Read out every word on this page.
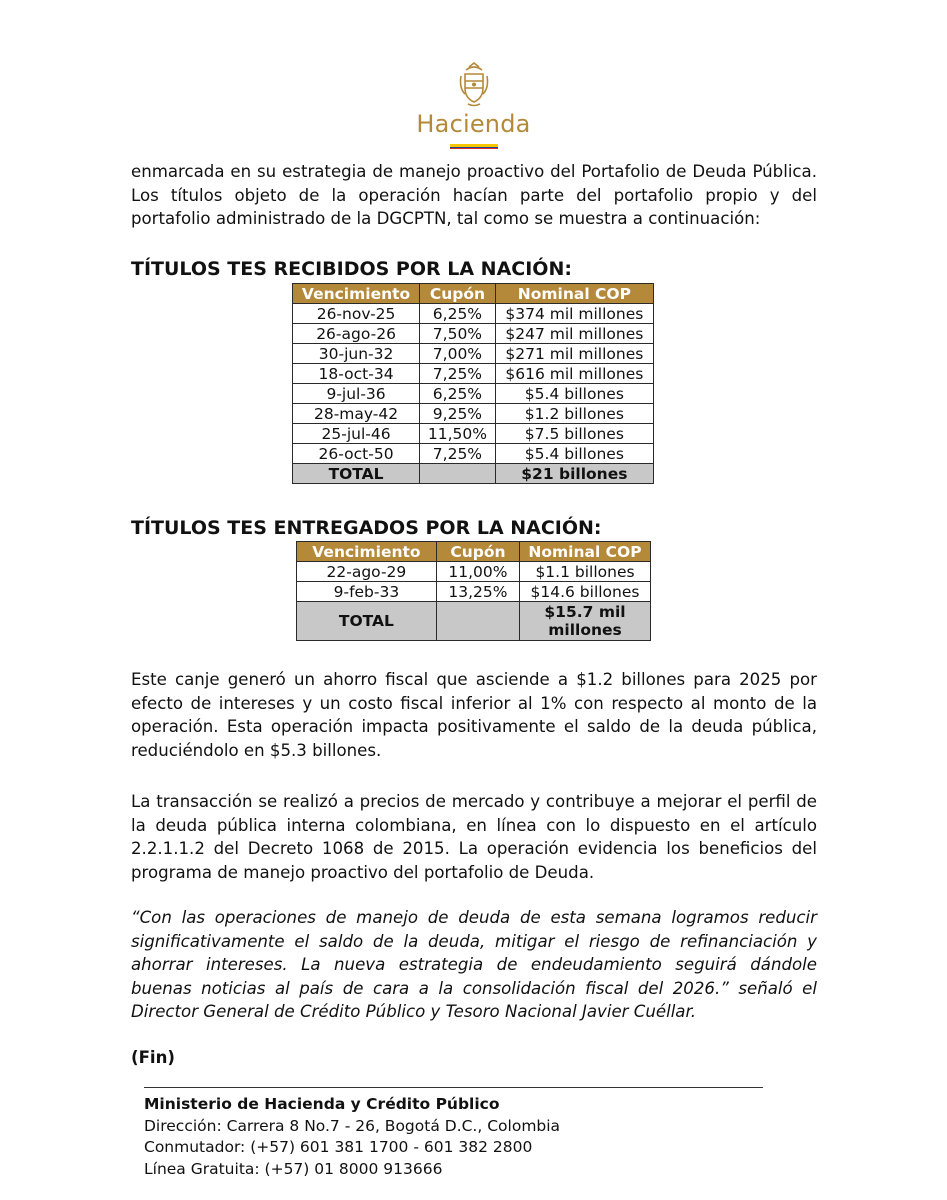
Hacienda

enmarcada en su estrategia de manejo proactivo del Portafolio de Deuda Pública. Los títulos objeto de la operación hacían parte del portafolio propio y del portafolio administrado de la DGCPTN, tal como se muestra a continuación:

TÍTULOS TES RECIBIDOS POR LA NACIÓN:
Vencimiento	Cupón	Nominal COP
26-nov-25	6,25%	$374 mil millones
26-ago-26	7,50%	$247 mil millones
30-jun-32	7,00%	$271 mil millones
18-oct-34	7,25%	$616 mil millones
9-jul-36	6,25%	$5.4 billones
28-may-42	9,25%	$1.2 billones
25-jul-46	11,50%	$7.5 billones
26-oct-50	7,25%	$5.4 billones
TOTAL		$21 billones
TÍTULOS TES ENTREGADOS POR LA NACIÓN:
Vencimiento	Cupón	Nominal COP
22-ago-29	11,00%	$1.1 billones
9-feb-33	13,25%	$14.6 billones
TOTAL		$15.7 mil millones

Este canje generó un ahorro fiscal que asciende a $1.2 billones para 2025 por efecto de intereses y un costo fiscal inferior al 1% con respecto al monto de la operación. Esta operación impacta positivamente el saldo de la deuda pública, reduciéndolo en $5.3 billones.

La transacción se realizó a precios de mercado y contribuye a mejorar el perfil de la deuda pública interna colombiana, en línea con lo dispuesto en el artículo 2.2.1.1.2 del Decreto 1068 de 2015. La operación evidencia los beneficios del programa de manejo proactivo del portafolio de Deuda.

“Con las operaciones de manejo de deuda de esta semana logramos reducir significativamente el saldo de la deuda, mitigar el riesgo de refinanciación y ahorrar intereses. La nueva estrategia de endeudamiento seguirá dándole buenas noticias al país de cara a la consolidación fiscal del 2026.” señaló el Director General de Crédito Público y Tesoro Nacional Javier Cuéllar.

(Fin)
Ministerio de Hacienda y Crédito Público
Dirección: Carrera 8 No.7 - 26, Bogotá D.C., Colombia
Conmutador: (+57) 601 381 1700 - 601 382 2800
Línea Gratuita: (+57) 01 8000 913666
